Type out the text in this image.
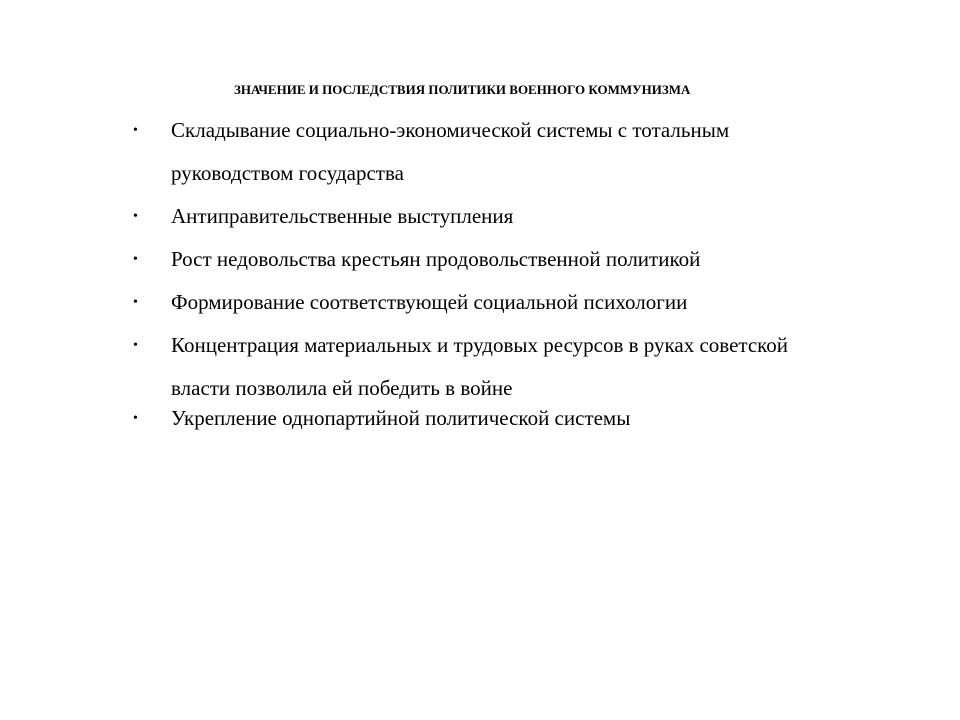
ЗНАЧЕНИЕ И ПОСЛЕДСТВИЯ ПОЛИТИКИ ВОЕННОГО КОММУНИЗМА
• Складывание социально-экономической системы с тотальным
руководством государства
• Антиправительственные выступления
• Рост недовольства крестьян продовольственной политикой
• Формирование соответствующей социальной психологии
• Концентрация материальных и трудовых ресурсов в руках советской
власти позволила ей победить в войне
• Укрепление однопартийной политической системы
